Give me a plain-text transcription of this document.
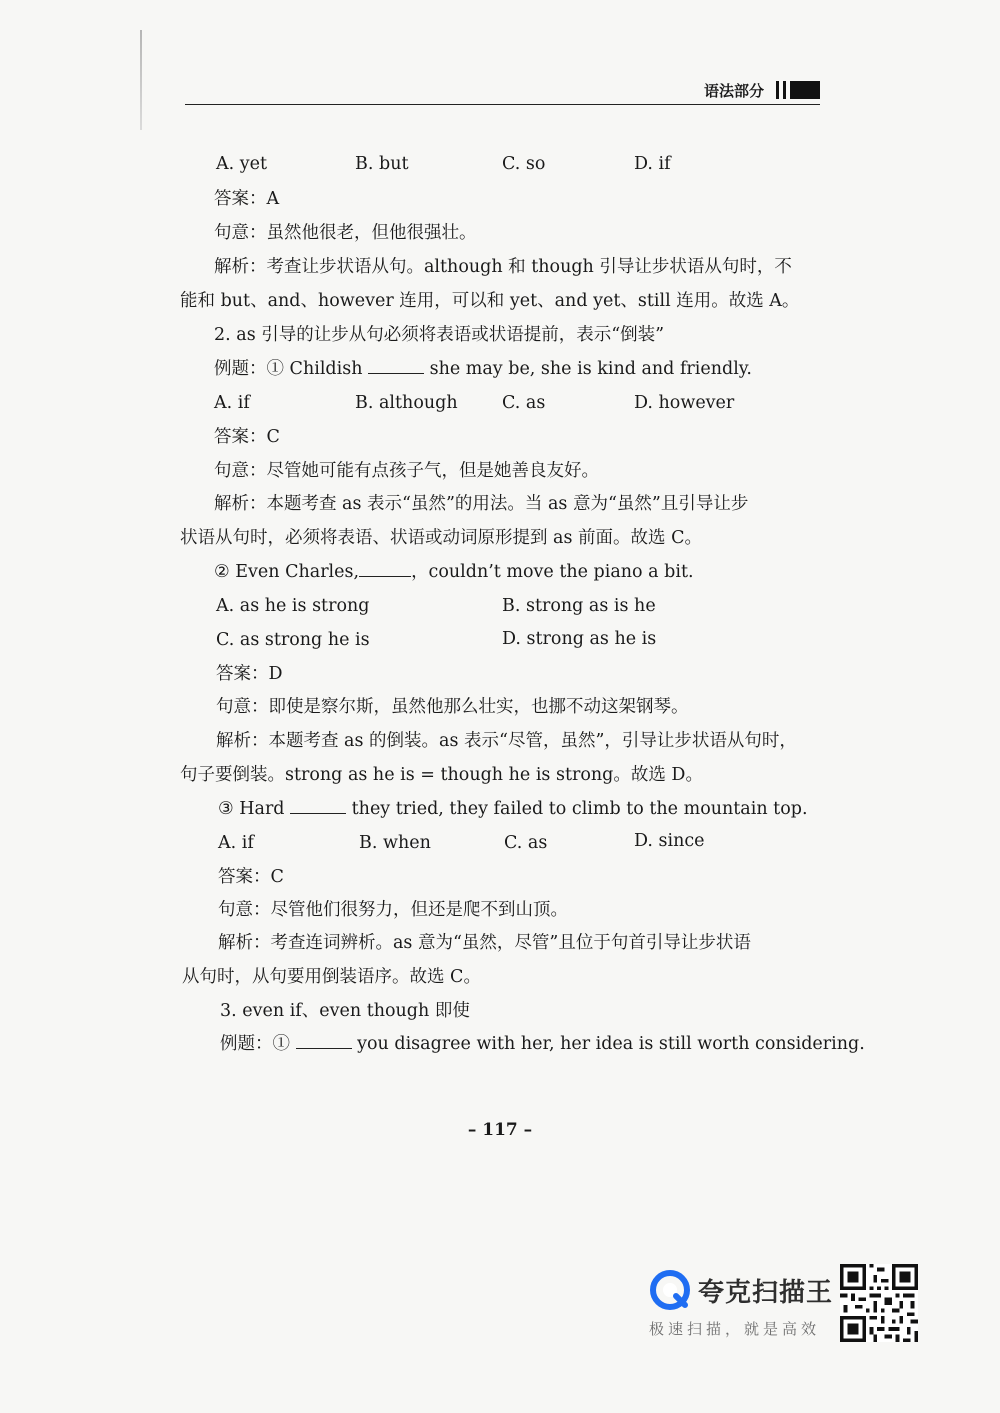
语法部分
A. yet	B. but	C. so	D. if
答案：A
句意：虽然他很老，但他很强壮。
解析：考查让步状语从句。although 和 though 引导让步状语从句时，不
能和 but、and、however 连用，可以和 yet、and yet、still 连用。故选 A。
2. as 引导的让步从句必须将表语或状语提前，表示“倒装”
例题：① Childish	she may be, she is kind and friendly.
A. if	B. although	C. as	D. however
答案：C
句意：尽管她可能有点孩子气，但是她善良友好。
解析：本题考查 as 表示“虽然”的用法。当 as 意为“虽然”且引导让步
状语从句时，必须将表语、状语或动词原形提到 as 前面。故选 C。
② Even Charles,	，couldn’t move the piano a bit.
A. as he is strong	B. strong as is he
C. as strong he is	D. strong as he is
答案：D
句意：即使是察尔斯，虽然他那么壮实，也挪不动这架钢琴。
解析：本题考查 as 的倒装。as 表示“尽管，虽然”，引导让步状语从句时，
句子要倒装。strong as he is = though he is strong。故选 D。
③ Hard	they tried, they failed to climb to the mountain top.
A. if	B. when	C. as	D. since
答案：C
句意：尽管他们很努力，但还是爬不到山顶。
解析：考查连词辨析。as 意为“虽然，尽管”且位于句首引导让步状语
从句时，从句要用倒装语序。故选 C。
3. even if、even though 即使
例题：①	you disagree with her, her idea is still worth considering.
– 117 –
夸克扫描王
极速扫描，就是高效
